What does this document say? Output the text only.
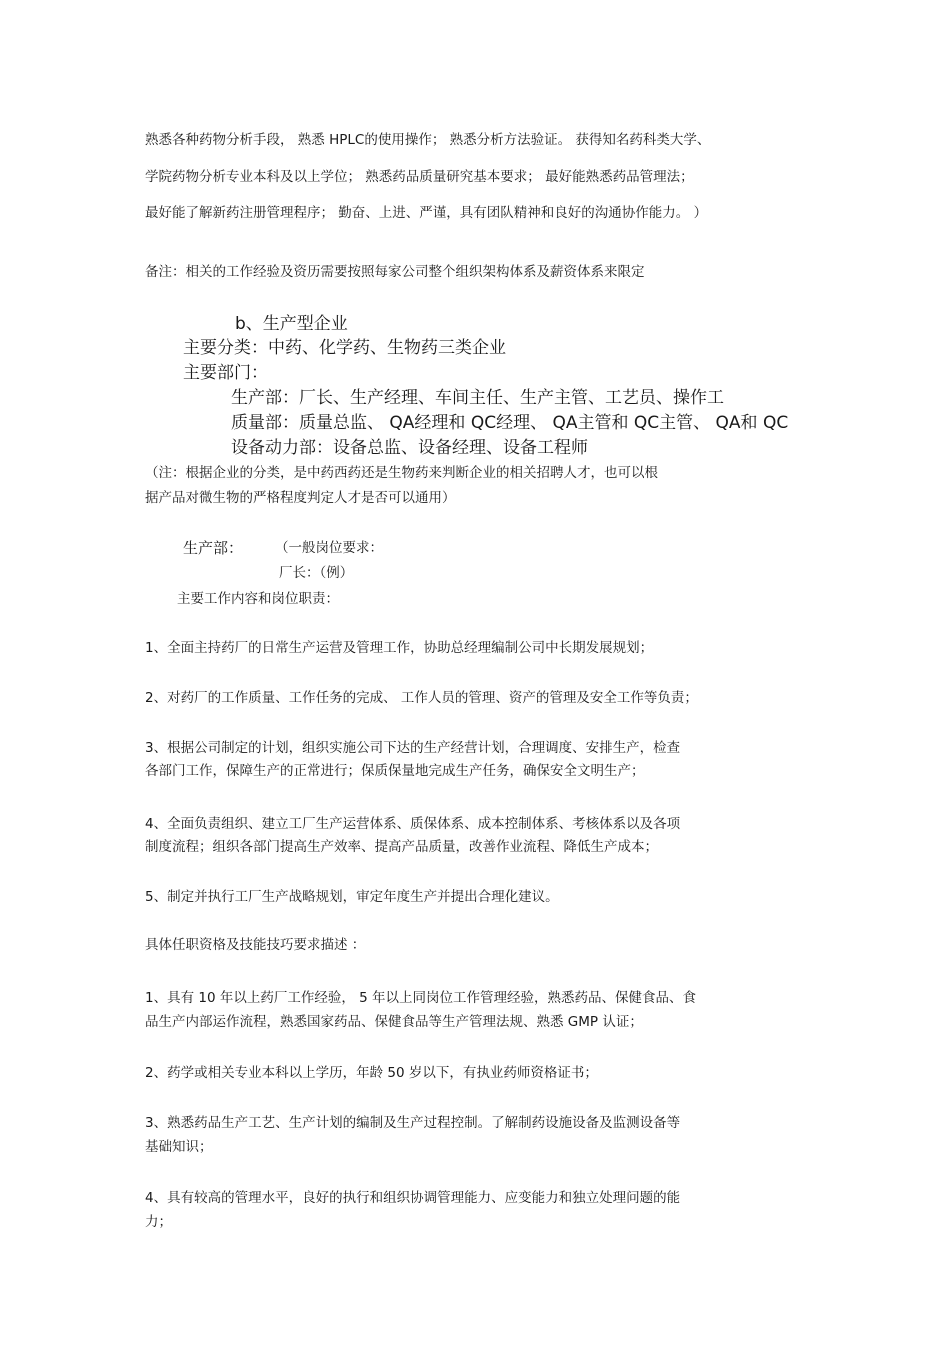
熟悉各种药物分析手段， 熟悉 HPLC的使用操作； 熟悉分析方法验证。 获得知名药科类大学、
学院药物分析专业本科及以上学位； 熟悉药品质量研究基本要求； 最好能熟悉药品管理法；
最好能了解新药注册管理程序； 勤奋、上进、严谨，具有团队精神和良好的沟通协作能力。 ）
备注：相关的工作经验及资历需要按照每家公司整个组织架构体系及薪资体系来限定
b、生产型企业
主要分类：中药、化学药、生物药三类企业
主要部门：
生产部：厂长、生产经理、车间主任、生产主管、工艺员、操作工
质量部：质量总监、 QA经理和 QC经理、 QA主管和 QC主管、 QA和 QC
设备动力部：设备总监、设备经理、设备工程师
（注：根据企业的分类，是中药西药还是生物药来判断企业的相关招聘人才，也可以根
据产品对微生物的严格程度判定人才是否可以通用）
生产部： （一般岗位要求：
厂长：（例）
主要工作内容和岗位职责：
1、全面主持药厂的日常生产运营及管理工作，协助总经理编制公司中长期发展规划；
2、对药厂的工作质量、工作任务的完成、 工作人员的管理、资产的管理及安全工作等负责；
3、根据公司制定的计划，组织实施公司下达的生产经营计划，合理调度、安排生产，检查
各部门工作，保障生产的正常进行；保质保量地完成生产任务，确保安全文明生产；
4、全面负责组织、建立工厂生产运营体系、质保体系、成本控制体系、考核体系以及各项
制度流程；组织各部门提高生产效率、提高产品质量，改善作业流程、降低生产成本；
5、制定并执行工厂生产战略规划，审定年度生产并提出合理化建议。
具体任职资格及技能技巧要求描述 ：
1、具有 10 年以上药厂工作经验， 5 年以上同岗位工作管理经验，熟悉药品、保健食品、食
品生产内部运作流程，熟悉国家药品、保健食品等生产管理法规、熟悉 GMP 认证；
2、药学或相关专业本科以上学历，年龄 50 岁以下，有执业药师资格证书；
3、熟悉药品生产工艺、生产计划的编制及生产过程控制。了解制药设施设备及监测设备等
基础知识；
4、具有较高的管理水平，良好的执行和组织协调管理能力、应变能力和独立处理问题的能
力；
